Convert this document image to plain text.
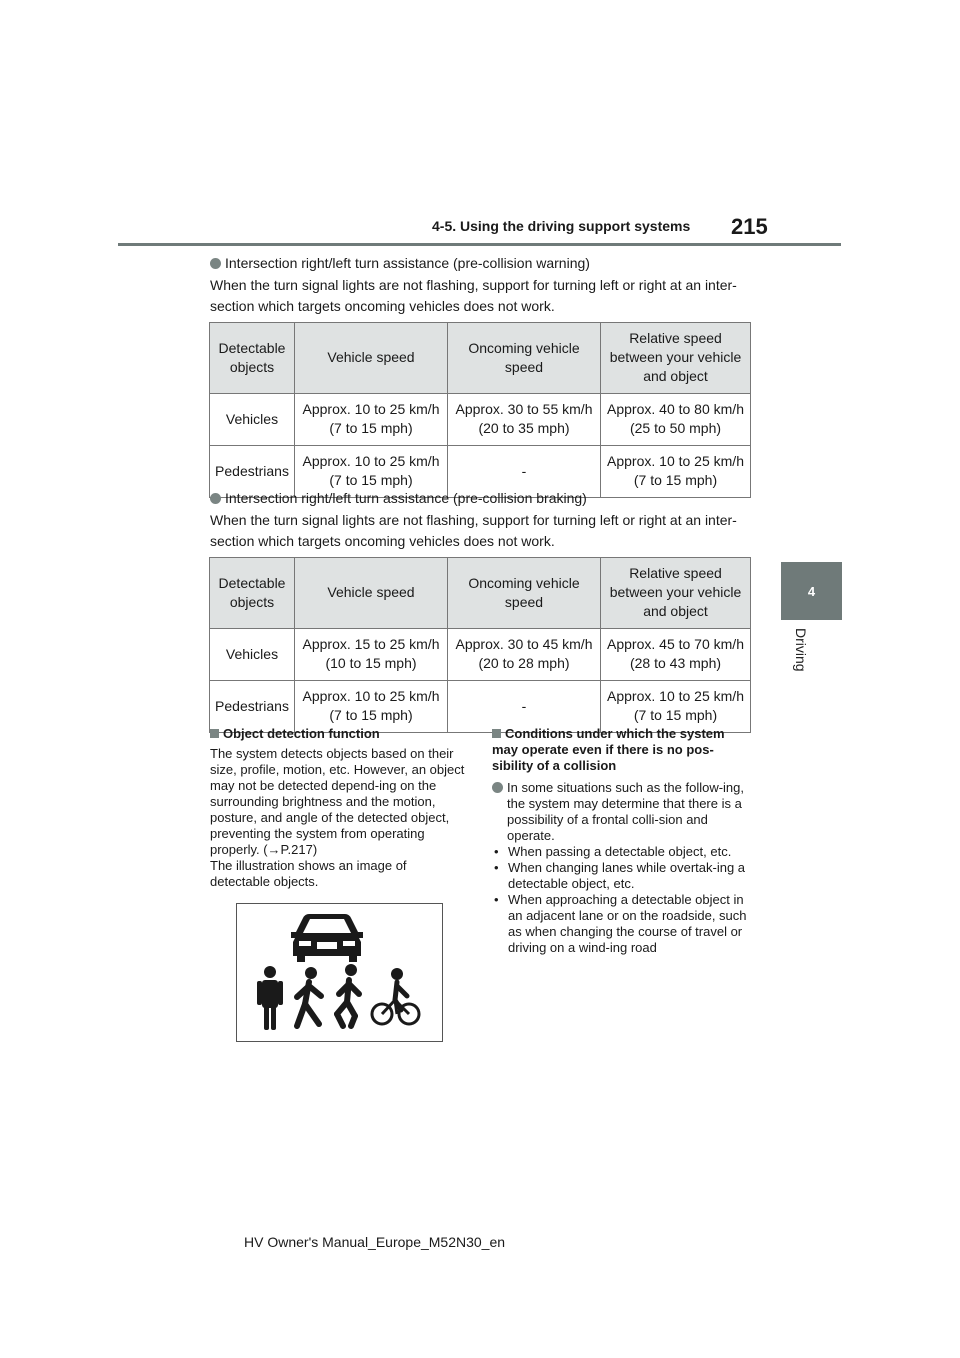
4-5. Using the driving support systems 215
4
Driving
Intersection right/left turn assistance (pre-collision warning)
When the turn signal lights are not flashing, support for turning left or right at an inter-section which targets oncoming vehicles does not work.
Detectable objects	Vehicle speed	Oncoming vehicle speed	Relative speed between your vehicle and object
Vehicles	Approx. 10 to 25 km/h (7 to 15 mph)	Approx. 30 to 55 km/h (20 to 35 mph)	Approx. 40 to 80 km/h (25 to 50 mph)
Pedestrians	Approx. 10 to 25 km/h (7 to 15 mph)	-	Approx. 10 to 25 km/h (7 to 15 mph)
Intersection right/left turn assistance (pre-collision braking)
When the turn signal lights are not flashing, support for turning left or right at an inter-section which targets oncoming vehicles does not work.
Detectable objects	Vehicle speed	Oncoming vehicle speed	Relative speed between your vehicle and object
Vehicles	Approx. 15 to 25 km/h (10 to 15 mph)	Approx. 30 to 45 km/h (20 to 28 mph)	Approx. 45 to 70 km/h (28 to 43 mph)
Pedestrians	Approx. 10 to 25 km/h (7 to 15 mph)	-	Approx. 10 to 25 km/h (7 to 15 mph)
Object detection function
The system detects objects based on their size, profile, motion, etc. However, an object may not be detected depend-ing on the surrounding brightness and the motion, posture, and angle of the detected object, preventing the system from operating properly. (→P.217)
The illustration shows an image of detectable objects.
Conditions under which the system may operate even if there is no pos-sibility of a collision
In some situations such as the follow-ing, the system may determine that there is a possibility of a frontal colli-sion and operate.
• When passing a detectable object, etc.
• When changing lanes while overtak-ing a detectable object, etc.
• When approaching a detectable object in an adjacent lane or on the roadside, such as when changing the course of travel or driving on a wind-ing road
HV Owner's Manual_Europe_M52N30_en
